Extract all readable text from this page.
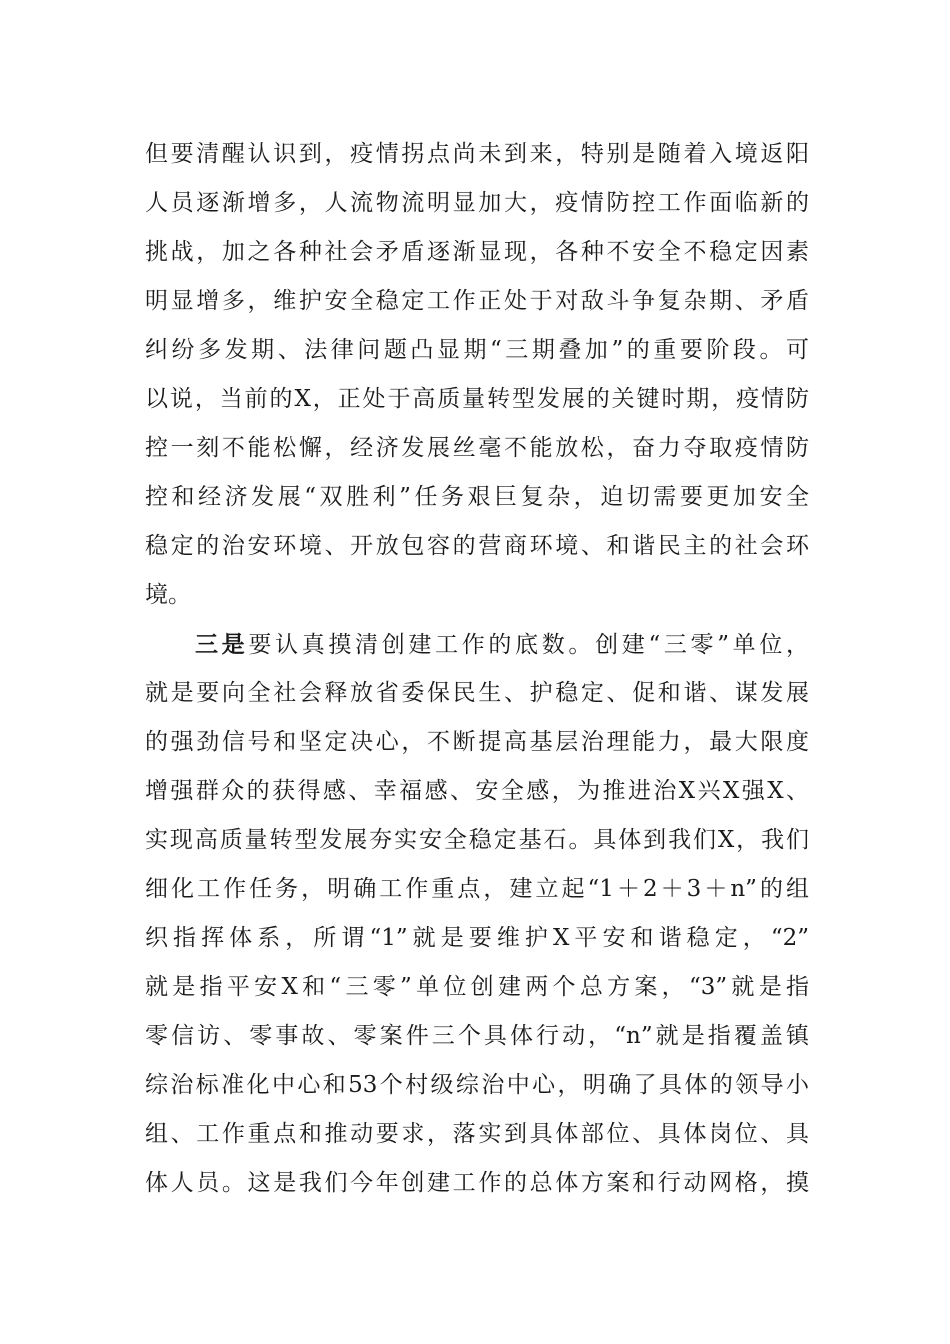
但要清醒认识到，疫情拐点尚未到来，特别是随着入境返阳
人员逐渐增多，人流物流明显加大，疫情防控工作面临新的
挑战，加之各种社会矛盾逐渐显现，各种不安全不稳定因素
明显增多，维护安全稳定工作正处于对敌斗争复杂期、矛盾
纠纷多发期、法律问题凸显期“三期叠加”的重要阶段。可
以说，当前的X，正处于高质量转型发展的关键时期，疫情防
控一刻不能松懈，经济发展丝毫不能放松，奋力夺取疫情防
控和经济发展“双胜利”任务艰巨复杂，迫切需要更加安全
稳定的治安环境、开放包容的营商环境、和谐民主的社会环
境。
三是要认真摸清创建工作的底数。创建“三零”单位，
就是要向全社会释放省委保民生、护稳定、促和谐、谋发展
的强劲信号和坚定决心，不断提高基层治理能力，最大限度
增强群众的获得感、幸福感、安全感，为推进治X兴X强X、
实现高质量转型发展夯实安全稳定基石。具体到我们X，我们
细化工作任务，明确工作重点，建立起“1＋2＋3＋n”的组
织指挥体系，所谓“1”就是要维护X平安和谐稳定，“2”
就是指平安X和“三零”单位创建两个总方案，“3”就是指
零信访、零事故、零案件三个具体行动，“n”就是指覆盖镇
综治标准化中心和53个村级综治中心，明确了具体的领导小
组、工作重点和推动要求，落实到具体部位、具体岗位、具
体人员。这是我们今年创建工作的总体方案和行动网格，摸
